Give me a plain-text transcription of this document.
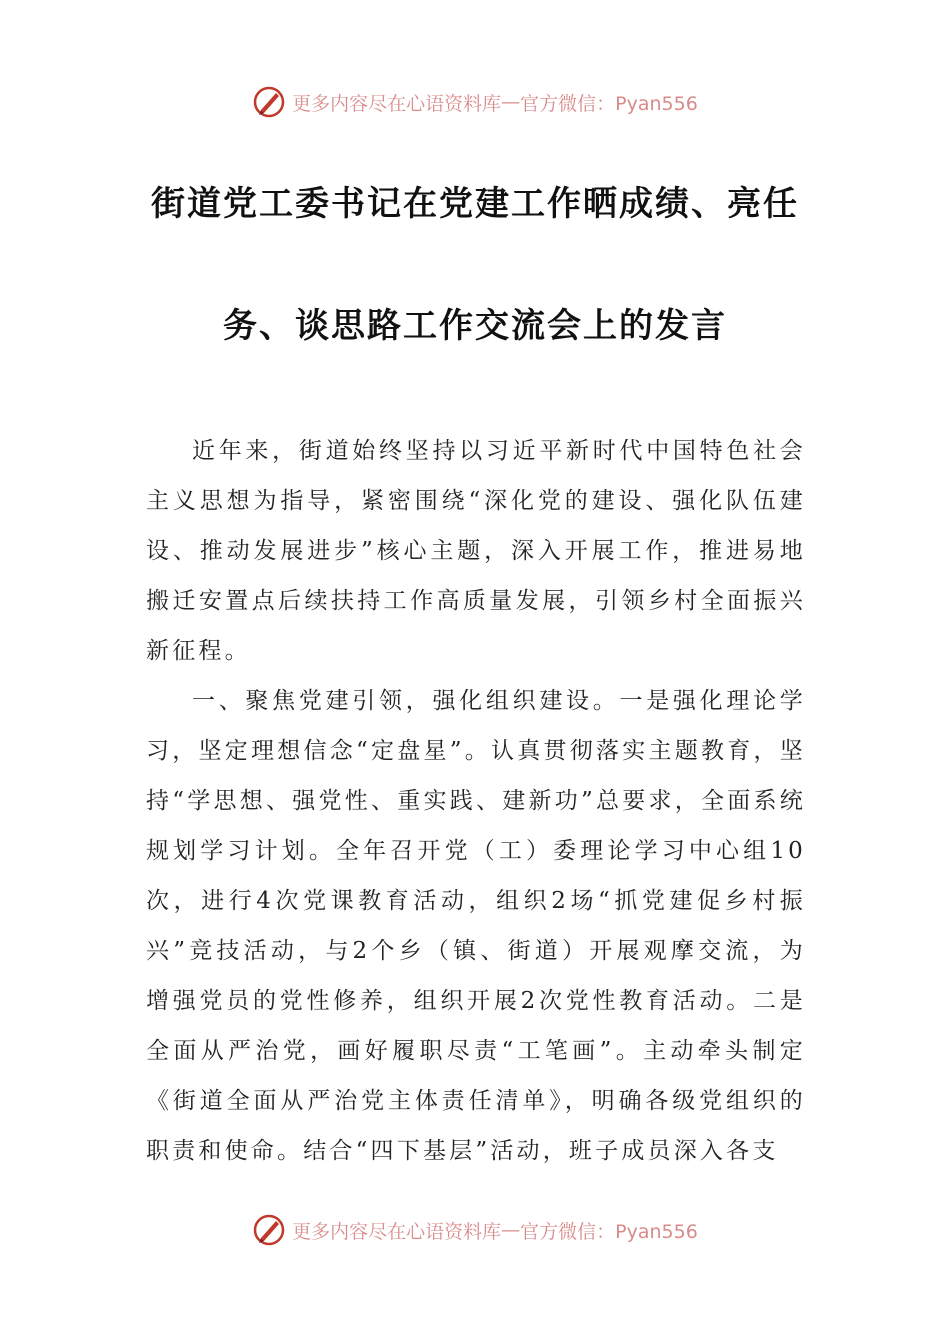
更多内容尽在心语资料库 — 官方微信：Pyan556
街道党工委书记在党建工作晒成绩、亮任
务、谈思路工作交流会上的发言

近年来，街道始终坚持以习近平新时代中国特色社会主义思想为指导，紧密围绕“深化党的建设、强化队伍建设、推动发展进步”核心主题，深入开展工作，推进易地搬迁安置点后续扶持工作高质量发展，引领乡村全面振兴新征程。

一、聚焦党建引领，强化组织建设。一是强化理论学习，坚定理想信念“定盘星”。认真贯彻落实主题教育，坚持“学思想、强党性、重实践、建新功”总要求，全面系统规划学习计划。全年召开党（工）委理论学习中心组10次，进行4次党课教育活动，组织2场“抓党建促乡村振兴”竞技活动，与2个乡（镇、街道）开展观摩交流，为增强党员的党性修养，组织开展2次党性教育活动。二是全面从严治党，画好履职尽责“工笔画”。主动牵头制定《街道全面从严治党主体责任清单》，明确各级党组织的职责和使命。结合“四下基层”活动，班子成员深入各支

更多内容尽在心语资料库 — 官方微信：Pyan556
